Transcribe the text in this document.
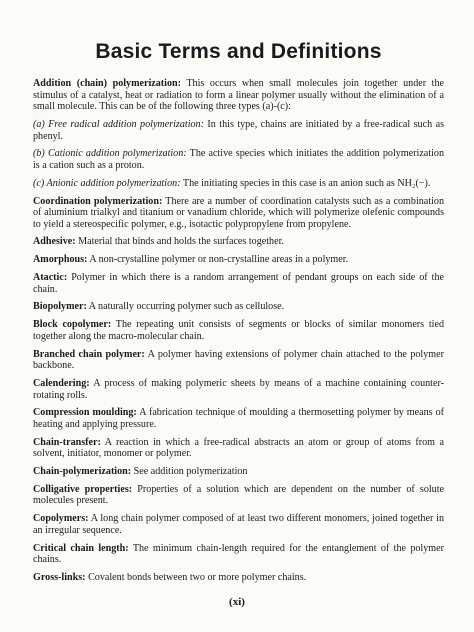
Basic Terms and Definitions

Addition (chain) polymerization: This occurs when small molecules join together under the stimulus of a catalyst, heat or radiation to form a linear polymer usually without the elimination of a small molecule. This can be of the following three types (a)-(c):

(a) Free radical addition polymerization: In this type, chains are initiated by a free-radical such as phenyl.

(b) Cationic addition polymerization: The active species which initiates the addition polymerization is a cation such as a proton.

(c) Anionic addition polymerization: The initiating species in this case is an anion such as NH₂(−).

Coordination polymerization: There are a number of coordination catalysts such as a combination of aluminium trialkyl and titanium or vanadium chloride, which will polymerize olefenic compounds to yield a stereospecific polymer, e.g., isotactic polypropylene from propylene.

Adhesive: Material that binds and holds the surfaces together.

Amorphous: A non-crystalline polymer or non-crystalline areas in a polymer.

Atactic: Polymer in which there is a random arrangement of pendant groups on each side of the chain.

Biopolymer: A naturally occurring polymer such as cellulose.

Block copolymer: The repeating unit consists of segments or blocks of similar monomers tied together along the macro-molecular chain.

Branched chain polymer: A polymer having extensions of polymer chain attached to the polymer backbone.

Calendering: A process of making polymeric sheets by means of a machine containing counter-rotating rolls.

Compression moulding: A fabrication technique of moulding a thermosetting polymer by means of heating and applying pressure.

Chain-transfer: A reaction in which a free-radical abstracts an atom or group of atoms from a solvent, initiator, monomer or polymer.

Chain-polymerization: See addition polymerization

Colligative properties: Properties of a solution which are dependent on the number of solute molecules present.

Copolymers: A long chain polymer composed of at least two different monomers, joined together in an irregular sequence.

Critical chain length: The minimum chain-length required for the entanglement of the polymer chains.

Gross-links: Covalent bonds between two or more polymer chains.

(xi)
